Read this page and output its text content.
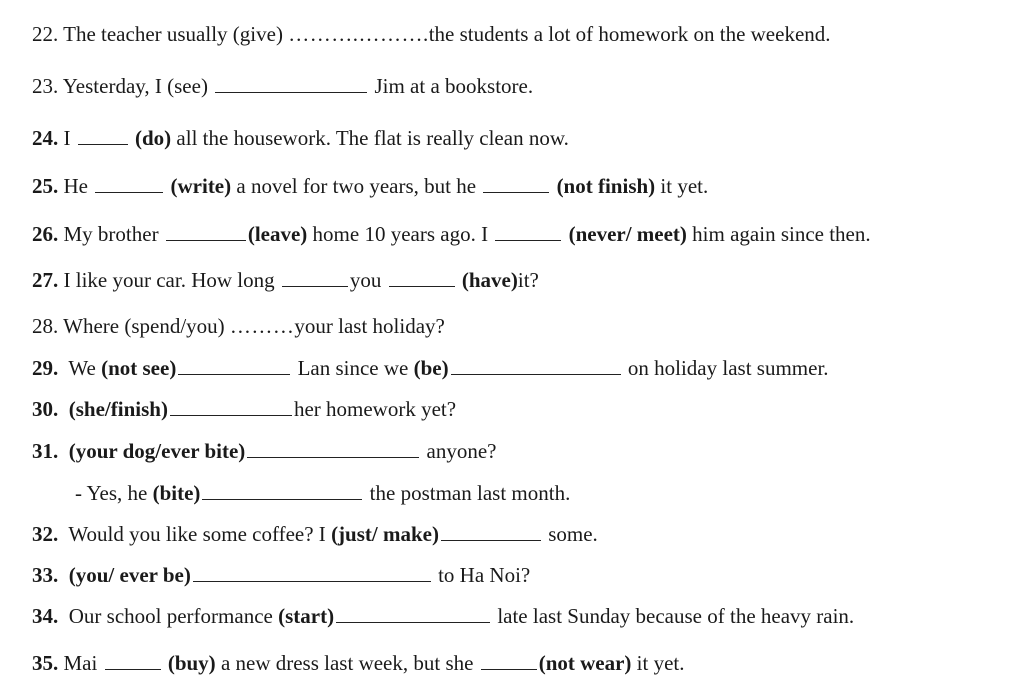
22. The teacher usually (give) ……….……….the students a lot of homework on the weekend.
23. Yesterday, I (see)	Jim at a bookstore.
24. I	(do) all the housework. The flat is really clean now.
25. He	(write) a novel for two years, but he	(not finish) it yet.
26. My brother	(leave) home 10 years ago. I	(never/ meet) him again since then.
27. I like your car. How long	you	(have)it?
28. Where (spend/you) ………your last holiday?
29. We (not see)	Lan since we (be)	on holiday last summer.
30. (she/finish)	her homework yet?
31. (your dog/ever bite)	anyone?
- Yes, he (bite)	the postman last month.
32. Would you like some coffee? I (just/ make)	some.
33. (you/ ever be)	to Ha Noi?
34. Our school performance (start)	late last Sunday because of the heavy rain.
35. Mai	(buy) a new dress last week, but she	(not wear) it yet.
